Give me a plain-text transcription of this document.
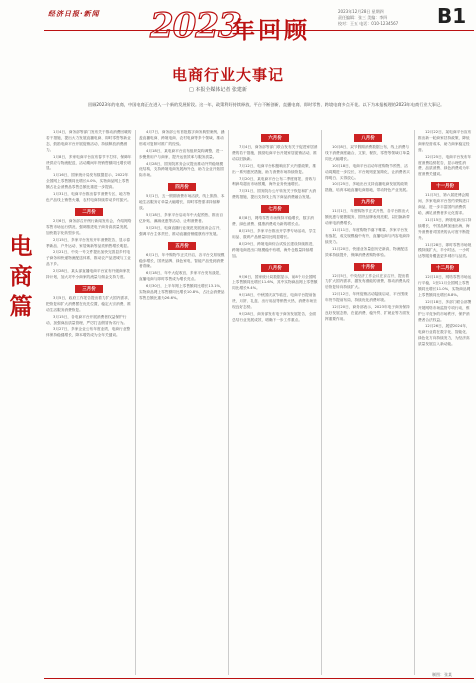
经济日报·新闻 2023
年回顾
2023年12月28日 星期四
责任编辑：张三 美编：李四
校对：王五 电话：010-1234567 B1
电商篇
电商行业大事记
□ 本报全媒体记者 张建新
回顾2023年的电商，中国电商正在进入一个新的发展阶段。这一年，政策利好持续释放，平台不断创新，直播电商、即时零售、跨境电商多点开花。以下为本报梳理的2023年电商行业大事记。

1月4日，商务部等部门发布关于推动消费回暖的若干措施，提出大力发展直播电商、即时零售等新业态，鼓励电商平台开展促销活动，持续释放消费潜力。

1月8日，多家电商平台宣布春节不打烊，保障年货供应与物流配送，活动期间年货销售额同比增长明显。

1月16日，国家统计局发布数据显示，2022年全国网上零售额同比增长4.0%，实物商品网上零售额占社会消费品零售总额比重进一步提高。

1月31日，电商平台推出春节消费专区，地方特色产品线上销售火爆，农村电商持续带动乡村振兴。

二月份

2月6日，商务部召开例行新闻发布会，介绍网络零售市场运行情况，强调推进电子商务高质量发展，加快数字化转型步伐。

2月15日，多家平台发布开年消费报告，显示春季新品、户外运动、家居焕新等品类销售增长明显。

2月21日，中央一号文件提出加快完善县乡村电子商务和快递物流配送体系，推动农产品进城与工业品下乡。

2月28日，某头部直播电商平台宣布升级商家扶持计划，加大对中小商家的流量与佣金支持力度。

三月份

3月5日，政府工作报告提出着力扩大国内需求，把恢复和扩大消费摆在优先位置，稳定大宗消费，推动生活服务消费恢复。

3月15日，各电商平台开展消费者权益保护行动，加强商品质量管理，严厉打击假冒伪劣行为。

3月27日，多家企业公布年度业绩，电商行业整体保持稳健增长，降本增效成为全年关键词。

4月7日，商务部公布首批数字商务典型案例，涵盖直播电商、跨境电商、农村电商等多个领域，推动形成可复制可推广的经验。

4月18日，某电商平台宣布组织架构调整，进一步聚焦用户与商家，提升运营效率与服务质量。

4月28日，国务院常务会议提出推动外贸稳规模优结构，支持跨境电商发展海外仓，助力企业开拓国际市场。

四月份

5月1日，五一假期消费市场活跃，线上旅游、本地生活服务订单量大幅增长，即时零售需求持续释放。

5月18日，多家平台启动年中大促预热，推出百亿补贴、满减优惠等活动，让利消费者。

5月25日，电商直播行业规范发展座谈会召开，强调平台主体责任，推动直播营销健康有序发展。

五月份

6月1日，年中购物节正式开启，各平台交易规模稳步增长，国货品牌、绿色家电、智能产品受到消费者青睐。

6月18日，年中大促收官，多家平台发布战报，直播电商与即时零售成为增长亮点。

6月30日，上半年网上零售额同比增长13.1%，实物商品网上零售额同比增长10.8%，占社会消费品零售总额比重为26.6%。

六月份

7月4日，商务部等部门联合发布关于促进家居消费的若干措施，鼓励电商平台开展家居促销活动，推动以旧换新。

7月12日，电商平台积极响应扩大内需政策，推出一系列惠民措施，助力消费市场持续恢复。

7月20日，某电商平台公布二季度财报，营收与利润均超出市场预期，海外业务快速增长。

7月31日，国务院办公厅转发关于恢复和扩大消费的措施，提出支持线上线下商品消费融合发展。

七月份

8月8日，网络零售市场保持平稳增长，数字消费、绿色消费、健康消费成为新的增长点。

8月15日，多家平台推出开学季专场活动，学生用品、数码产品销量同比明显增长。

8月29日，跨境电商综合试验区建设持续推进，跨境电商进出口规模稳中有增，海外仓数量持续增加。

八月份

9月6日，国家统计局数据显示，前8个月全国网上零售额同比增长11.6%，其中实物商品网上零售额同比增长9.4%。

9月18日，中秋国庆双节临近，电商平台提前备货，月饼、礼盒、出行用品等销售火热，消费市场呈现良好态势。

9月28日，商务部发布电子商务发展报告，全面总结行业发展成效，明确下一步工作重点。

八月份

10月8日，双节假期消费数据公布，线上消费与线下消费深度融合，文旅、餐饮、零售等领域订单量同比大幅增长。

10月18日，电商平台启动年度购物节预售，活动周期进一步拉长，平台规则更加简化，让消费者买得明白、买得放心。

10月25日，多地出台支持直播电商发展的政策措施，培育本地直播电商基地，带动特色产业发展。

九月份

11月1日，年度购物节正式开售，各平台推出大额优惠与便捷服务，国货品牌表现亮眼，以旧换新带动家电消费增长。

11月11日，年度购物节落下帷幕，多家平台发布战报，成交规模稳中有升，直播电商与内容电商持续发力。

11月20日，快递业务量创历史新高，物流配送效率持续提升，保障消费者购物体验。

十月份

12月5日，中央经济工作会议在京召开，提出着力扩大国内需求，激发有潜能的消费，推动消费从疫后恢复转向持续扩大。

12月12日，年终促销活动陆续启动，平台围绕年货节提前布局，持续优化消费环境。

12月20日，商务部表示，2023年电子商务保持良好发展态势，在促消费、稳外贸、扩就业等方面发挥重要作用。

12月22日，某电商平台宣布推出新一轮商家扶持政策，降低商家经营成本，助力商家稳定经营。

12月25日，电商平台发布年度消费趋势报告，显示理性消费、品质消费、绿色消费成为年度消费关键词。

十一月份

11月3日，第六届进博会期间，多家电商平台签约采购进口商品，进一步丰富国内消费供给，满足消费者多元化需求。

11月15日，跨境电商出口持续增长，中国品牌加速出海，海外消费者对国货的认可度不断提升。

11月28日，即时零售市场规模持续扩大，半小时达、一小时达等服务覆盖更多城市与品类。

十二月份

12月10日，网络零售市场运行平稳，1至11月全国网上零售额同比增长11.0%，实物商品网上零售额同比增长8.8%。

12月18日，多部门联合部署开展网络市场监管专项行动，维护公平竞争的市场秩序，保护消费者合法权益。

12月26日，展望2024年，电商行业将在数字化、智能化、绿色化方向持续发力，为经济高质量发展注入新动能。

制图：张某
